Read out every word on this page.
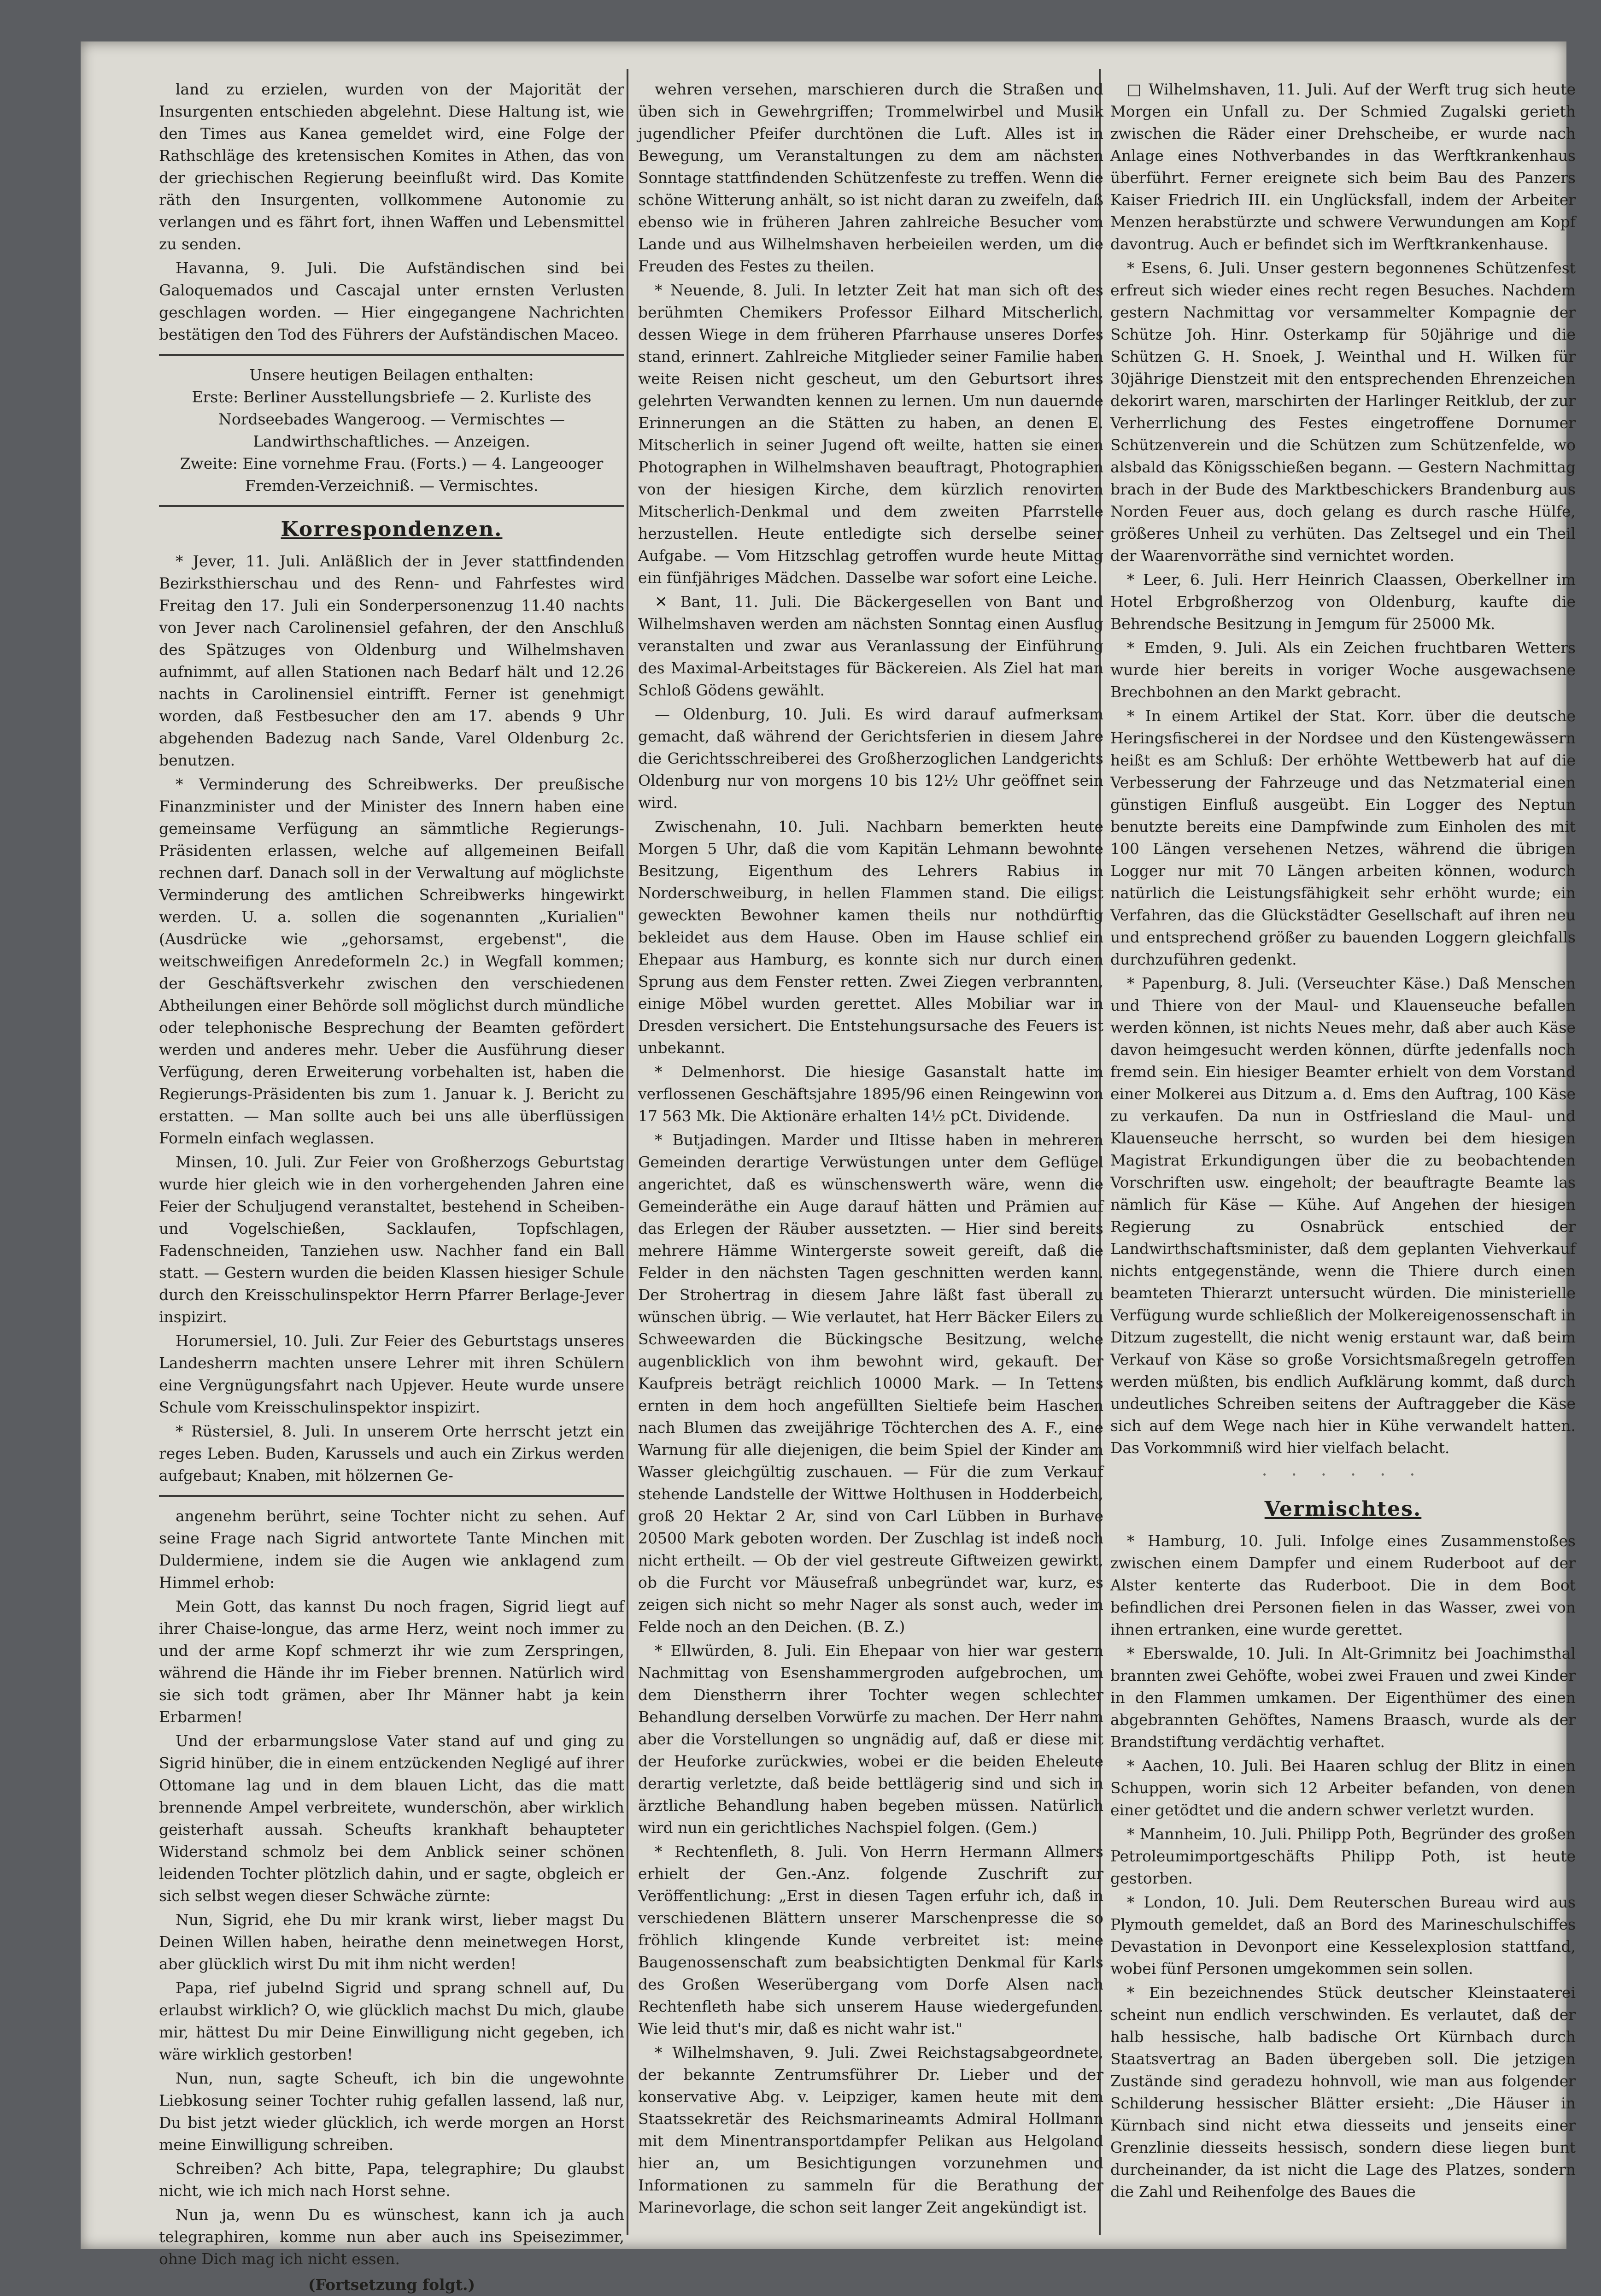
land zu erzielen, wurden von der Majorität der Insurgenten entschieden abgelehnt. Diese Haltung ist, wie den Times aus Kanea gemeldet wird, eine Folge der Rathschläge des kretensischen Komites in Athen, das von der griechischen Regierung beeinflußt wird. Das Komite räth den Insurgenten, vollkommene Autonomie zu verlangen und es fährt fort, ihnen Waffen und Lebensmittel zu senden.

Havanna, 9. Juli. Die Aufständischen sind bei Galoquemados und Cascajal unter ernsten Verlusten geschlagen worden. — Hier eingegangene Nachrichten bestätigen den Tod des Führers der Aufständischen Maceo.

Unsere heutigen Beilagen enthalten:
Erste: Berliner Ausstellungsbriefe — 2. Kurliste des Nordseebades Wangeroog. — Vermischtes — Landwirthschaftliches. — Anzeigen.
Zweite: Eine vornehme Frau. (Forts.) — 4. Langeooger Fremden-Verzeichniß. — Vermischtes.
Korrespondenzen.

* Jever, 11. Juli. Anläßlich der in Jever stattfindenden Bezirksthierschau und des Renn- und Fahrfestes wird Freitag den 17. Juli ein Sonderpersonenzug 11.40 nachts von Jever nach Carolinensiel gefahren, der den Anschluß des Spätzuges von Oldenburg und Wilhelmshaven aufnimmt, auf allen Stationen nach Bedarf hält und 12.26 nachts in Carolinensiel eintrifft. Ferner ist genehmigt worden, daß Festbesucher den am 17. abends 9 Uhr abgehenden Badezug nach Sande, Varel Oldenburg 2c. benutzen.

* Verminderung des Schreibwerks. Der preußische Finanzminister und der Minister des Innern haben eine gemeinsame Verfügung an sämmtliche Regierungs-Präsidenten erlassen, welche auf allgemeinen Beifall rechnen darf. Danach soll in der Verwaltung auf möglichste Verminderung des amtlichen Schreibwerks hingewirkt werden. U. a. sollen die sogenannten „Kurialien" (Ausdrücke wie „gehorsamst, ergebenst", die weitschweifigen Anredeformeln 2c.) in Wegfall kommen; der Geschäftsverkehr zwischen den verschiedenen Abtheilungen einer Behörde soll möglichst durch mündliche oder telephonische Besprechung der Beamten gefördert werden und anderes mehr. Ueber die Ausführung dieser Verfügung, deren Erweiterung vorbehalten ist, haben die Regierungs-Präsidenten bis zum 1. Januar k. J. Bericht zu erstatten. — Man sollte auch bei uns alle überflüssigen Formeln einfach weglassen.

Minsen, 10. Juli. Zur Feier von Großherzogs Geburtstag wurde hier gleich wie in den vorhergehenden Jahren eine Feier der Schuljugend veranstaltet, bestehend in Scheiben- und Vogelschießen, Sacklaufen, Topfschlagen, Fadenschneiden, Tanziehen usw. Nachher fand ein Ball statt. — Gestern wurden die beiden Klassen hiesiger Schule durch den Kreisschulinspektor Herrn Pfarrer Berlage-Jever inspizirt.

Horumersiel, 10. Juli. Zur Feier des Geburtstags unseres Landesherrn machten unsere Lehrer mit ihren Schülern eine Vergnügungsfahrt nach Upjever. Heute wurde unsere Schule vom Kreisschulinspektor inspizirt.

* Rüstersiel, 8. Juli. In unserem Orte herrscht jetzt ein reges Leben. Buden, Karussels und auch ein Zirkus werden aufgebaut; Knaben, mit hölzernen Ge-

angenehm berührt, seine Tochter nicht zu sehen. Auf seine Frage nach Sigrid antwortete Tante Minchen mit Duldermiene, indem sie die Augen wie anklagend zum Himmel erhob:

Mein Gott, das kannst Du noch fragen, Sigrid liegt auf ihrer Chaise-longue, das arme Herz, weint noch immer zu und der arme Kopf schmerzt ihr wie zum Zerspringen, während die Hände ihr im Fieber brennen. Natürlich wird sie sich todt grämen, aber Ihr Männer habt ja kein Erbarmen!

Und der erbarmungslose Vater stand auf und ging zu Sigrid hinüber, die in einem entzückenden Negligé auf ihrer Ottomane lag und in dem blauen Licht, das die matt brennende Ampel verbreitete, wunderschön, aber wirklich geisterhaft aussah. Scheufts krankhaft behaupteter Widerstand schmolz bei dem Anblick seiner schönen leidenden Tochter plötzlich dahin, und er sagte, obgleich er sich selbst wegen dieser Schwäche zürnte:

Nun, Sigrid, ehe Du mir krank wirst, lieber magst Du Deinen Willen haben, heirathe denn meinetwegen Horst, aber glücklich wirst Du mit ihm nicht werden!

Papa, rief jubelnd Sigrid und sprang schnell auf, Du erlaubst wirklich? O, wie glücklich machst Du mich, glaube mir, hättest Du mir Deine Einwilligung nicht gegeben, ich wäre wirklich gestorben!

Nun, nun, sagte Scheuft, ich bin die ungewohnte Liebkosung seiner Tochter ruhig gefallen lassend, laß nur, Du bist jetzt wieder glücklich, ich werde morgen an Horst meine Einwilligung schreiben.

Schreiben? Ach bitte, Papa, telegraphire; Du glaubst nicht, wie ich mich nach Horst sehne.

Nun ja, wenn Du es wünschest, kann ich ja auch telegraphiren, komme nun aber auch ins Speisezimmer, ohne Dich mag ich nicht essen.

(Fortsetzung folgt.)

wehren versehen, marschieren durch die Straßen und üben sich in Gewehrgriffen; Trommelwirbel und Musik jugendlicher Pfeifer durchtönen die Luft. Alles ist in Bewegung, um Veranstaltungen zu dem am nächsten Sonntage stattfindenden Schützenfeste zu treffen. Wenn die schöne Witterung anhält, so ist nicht daran zu zweifeln, daß ebenso wie in früheren Jahren zahlreiche Besucher vom Lande und aus Wilhelmshaven herbeieilen werden, um die Freuden des Festes zu theilen.

* Neuende, 8. Juli. In letzter Zeit hat man sich oft des berühmten Chemikers Professor Eilhard Mitscherlich, dessen Wiege in dem früheren Pfarrhause unseres Dorfes stand, erinnert. Zahlreiche Mitglieder seiner Familie haben weite Reisen nicht gescheut, um den Geburtsort ihres gelehrten Verwandten kennen zu lernen. Um nun dauernde Erinnerungen an die Stätten zu haben, an denen E. Mitscherlich in seiner Jugend oft weilte, hatten sie einen Photographen in Wilhelmshaven beauftragt, Photographien von der hiesigen Kirche, dem kürzlich renovirten Mitscherlich-Denkmal und dem zweiten Pfarrstelle herzustellen. Heute entledigte sich derselbe seiner Aufgabe. — Vom Hitzschlag getroffen wurde heute Mittag ein fünfjähriges Mädchen. Dasselbe war sofort eine Leiche.

✕ Bant, 11. Juli. Die Bäckergesellen von Bant und Wilhelmshaven werden am nächsten Sonntag einen Ausflug veranstalten und zwar aus Veranlassung der Einführung des Maximal-Arbeitstages für Bäckereien. Als Ziel hat man Schloß Gödens gewählt.

— Oldenburg, 10. Juli. Es wird darauf aufmerksam gemacht, daß während der Gerichtsferien in diesem Jahre die Gerichtsschreiberei des Großherzoglichen Landgerichts Oldenburg nur von morgens 10 bis 12½ Uhr geöffnet sein wird.

Zwischenahn, 10. Juli. Nachbarn bemerkten heute Morgen 5 Uhr, daß die vom Kapitän Lehmann bewohnte Besitzung, Eigenthum des Lehrers Rabius in Norderschweiburg, in hellen Flammen stand. Die eiligst geweckten Bewohner kamen theils nur nothdürftig bekleidet aus dem Hause. Oben im Hause schlief ein Ehepaar aus Hamburg, es konnte sich nur durch einen Sprung aus dem Fenster retten. Zwei Ziegen verbrannten, einige Möbel wurden gerettet. Alles Mobiliar war in Dresden versichert. Die Entstehungsursache des Feuers ist unbekannt.

* Delmenhorst. Die hiesige Gasanstalt hatte im verflossenen Geschäftsjahre 1895/96 einen Reingewinn von 17 563 Mk. Die Aktionäre erhalten 14½ pCt. Dividende.

* Butjadingen. Marder und Iltisse haben in mehreren Gemeinden derartige Verwüstungen unter dem Geflügel angerichtet, daß es wünschenswerth wäre, wenn die Gemeinderäthe ein Auge darauf hätten und Prämien auf das Erlegen der Räuber aussetzten. — Hier sind bereits mehrere Hämme Wintergerste soweit gereift, daß die Felder in den nächsten Tagen geschnitten werden kann. Der Strohertrag in diesem Jahre läßt fast überall zu wünschen übrig. — Wie verlautet, hat Herr Bäcker Eilers zu Schweewarden die Bückingsche Besitzung, welche augenblicklich von ihm bewohnt wird, gekauft. Der Kaufpreis beträgt reichlich 10000 Mark. — In Tettens ernten in dem hoch angefüllten Sieltiefe beim Haschen nach Blumen das zweijährige Töchterchen des A. F., eine Warnung für alle diejenigen, die beim Spiel der Kinder am Wasser gleichgültig zuschauen. — Für die zum Verkauf stehende Landstelle der Wittwe Holthusen in Hodderbeich, groß 20 Hektar 2 Ar, sind von Carl Lübben in Burhave 20500 Mark geboten worden. Der Zuschlag ist indeß noch nicht ertheilt. — Ob der viel gestreute Giftweizen gewirkt, ob die Furcht vor Mäusefraß unbegründet war, kurz, es zeigen sich nicht so mehr Nager als sonst auch, weder im Felde noch an den Deichen. (B. Z.)

* Ellwürden, 8. Juli. Ein Ehepaar von hier war gestern Nachmittag von Esenshammergroden aufgebrochen, um dem Dienstherrn ihrer Tochter wegen schlechter Behandlung derselben Vorwürfe zu machen. Der Herr nahm aber die Vorstellungen so ungnädig auf, daß er diese mit der Heuforke zurückwies, wobei er die beiden Eheleute derartig verletzte, daß beide bettlägerig sind und sich in ärztliche Behandlung haben begeben müssen. Natürlich wird nun ein gerichtliches Nachspiel folgen. (Gem.)

* Rechtenfleth, 8. Juli. Von Herrn Hermann Allmers erhielt der Gen.-Anz. folgende Zuschrift zur Veröffentlichung: „Erst in diesen Tagen erfuhr ich, daß in verschiedenen Blättern unserer Marschenpresse die so fröhlich klingende Kunde verbreitet ist: meine Baugenossenschaft zum beabsichtigten Denkmal für Karls des Großen Weserübergang vom Dorfe Alsen nach Rechtenfleth habe sich unserem Hause wiedergefunden. Wie leid thut's mir, daß es nicht wahr ist."

* Wilhelmshaven, 9. Juli. Zwei Reichstagsabgeordnete, der bekannte Zentrumsführer Dr. Lieber und der konservative Abg. v. Leipziger, kamen heute mit dem Staatssekretär des Reichsmarineamts Admiral Hollmann mit dem Minentransportdampfer Pelikan aus Helgoland hier an, um Besichtigungen vorzunehmen und Informationen zu sammeln für die Berathung der Marinevorlage, die schon seit langer Zeit angekündigt ist.

□ Wilhelmshaven, 11. Juli. Auf der Werft trug sich heute Morgen ein Unfall zu. Der Schmied Zugalski gerieth zwischen die Räder einer Drehscheibe, er wurde nach Anlage eines Nothverbandes in das Werftkrankenhaus überführt. Ferner ereignete sich beim Bau des Panzers Kaiser Friedrich III. ein Unglücksfall, indem der Arbeiter Menzen herabstürzte und schwere Verwundungen am Kopf davontrug. Auch er befindet sich im Werftkrankenhause.

* Esens, 6. Juli. Unser gestern begonnenes Schützenfest erfreut sich wieder eines recht regen Besuches. Nachdem gestern Nachmittag vor versammelter Kompagnie der Schütze Joh. Hinr. Osterkamp für 50jährige und die Schützen G. H. Snoek, J. Weinthal und H. Wilken für 30jährige Dienstzeit mit den entsprechenden Ehrenzeichen dekorirt waren, marschirten der Harlinger Reitklub, der zur Verherrlichung des Festes eingetroffene Dornumer Schützenverein und die Schützen zum Schützenfelde, wo alsbald das Königsschießen begann. — Gestern Nachmittag brach in der Bude des Marktbeschickers Brandenburg aus Norden Feuer aus, doch gelang es durch rasche Hülfe, größeres Unheil zu verhüten. Das Zeltsegel und ein Theil der Waarenvorräthe sind vernichtet worden.

* Leer, 6. Juli. Herr Heinrich Claassen, Oberkellner im Hotel Erbgroßherzog von Oldenburg, kaufte die Behrendsche Besitzung in Jemgum für 25000 Mk.

* Emden, 9. Juli. Als ein Zeichen fruchtbaren Wetters wurde hier bereits in voriger Woche ausgewachsene Brechbohnen an den Markt gebracht.

* In einem Artikel der Stat. Korr. über die deutsche Heringsfischerei in der Nordsee und den Küstengewässern heißt es am Schluß: Der erhöhte Wettbewerb hat auf die Verbesserung der Fahrzeuge und das Netzmaterial einen günstigen Einfluß ausgeübt. Ein Logger des Neptun benutzte bereits eine Dampfwinde zum Einholen des mit 100 Längen versehenen Netzes, während die übrigen Logger nur mit 70 Längen arbeiten können, wodurch natürlich die Leistungsfähigkeit sehr erhöht wurde; ein Verfahren, das die Glückstädter Gesellschaft auf ihren neu und entsprechend größer zu bauenden Loggern gleichfalls durchzuführen gedenkt.

* Papenburg, 8. Juli. (Verseuchter Käse.) Daß Menschen und Thiere von der Maul- und Klauenseuche befallen werden können, ist nichts Neues mehr, daß aber auch Käse davon heimgesucht werden können, dürfte jedenfalls noch fremd sein. Ein hiesiger Beamter erhielt von dem Vorstand einer Molkerei aus Ditzum a. d. Ems den Auftrag, 100 Käse zu verkaufen. Da nun in Ostfriesland die Maul- und Klauenseuche herrscht, so wurden bei dem hiesigen Magistrat Erkundigungen über die zu beobachtenden Vorschriften usw. eingeholt; der beauftragte Beamte las nämlich für Käse — Kühe. Auf Angehen der hiesigen Regierung zu Osnabrück entschied der Landwirthschaftsminister, daß dem geplanten Viehverkauf nichts entgegenstände, wenn die Thiere durch einen beamteten Thierarzt untersucht würden. Die ministerielle Verfügung wurde schließlich der Molkereigenossenschaft in Ditzum zugestellt, die nicht wenig erstaunt war, daß beim Verkauf von Käse so große Vorsichtsmaßregeln getroffen werden müßten, bis endlich Aufklärung kommt, daß durch undeutliches Schreiben seitens der Auftraggeber die Käse sich auf dem Wege nach hier in Kühe verwandelt hatten. Das Vorkommniß wird hier vielfach belacht.

· · · · · ·
Vermischtes.

* Hamburg, 10. Juli. Infolge eines Zusammenstoßes zwischen einem Dampfer und einem Ruderboot auf der Alster kenterte das Ruderboot. Die in dem Boot befindlichen drei Personen fielen in das Wasser, zwei von ihnen ertranken, eine wurde gerettet.

* Eberswalde, 10. Juli. In Alt-Grimnitz bei Joachimsthal brannten zwei Gehöfte, wobei zwei Frauen und zwei Kinder in den Flammen umkamen. Der Eigenthümer des einen abgebrannten Gehöftes, Namens Braasch, wurde als der Brandstiftung verdächtig verhaftet.

* Aachen, 10. Juli. Bei Haaren schlug der Blitz in einen Schuppen, worin sich 12 Arbeiter befanden, von denen einer getödtet und die andern schwer verletzt wurden.

* Mannheim, 10. Juli. Philipp Poth, Begründer des großen Petroleumimportgeschäfts Philipp Poth, ist heute gestorben.

* London, 10. Juli. Dem Reuterschen Bureau wird aus Plymouth gemeldet, daß an Bord des Marineschulschiffes Devastation in Devonport eine Kesselexplosion stattfand, wobei fünf Personen umgekommen sein sollen.

* Ein bezeichnendes Stück deutscher Kleinstaaterei scheint nun endlich verschwinden. Es verlautet, daß der halb hessische, halb badische Ort Kürnbach durch Staatsvertrag an Baden übergeben soll. Die jetzigen Zustände sind geradezu hohnvoll, wie man aus folgender Schilderung hessischer Blätter ersieht: „Die Häuser in Kürnbach sind nicht etwa diesseits und jenseits einer Grenzlinie diesseits hessisch, sondern diese liegen bunt durcheinander, da ist nicht die Lage des Platzes, sondern die Zahl und Reihenfolge des Baues die
